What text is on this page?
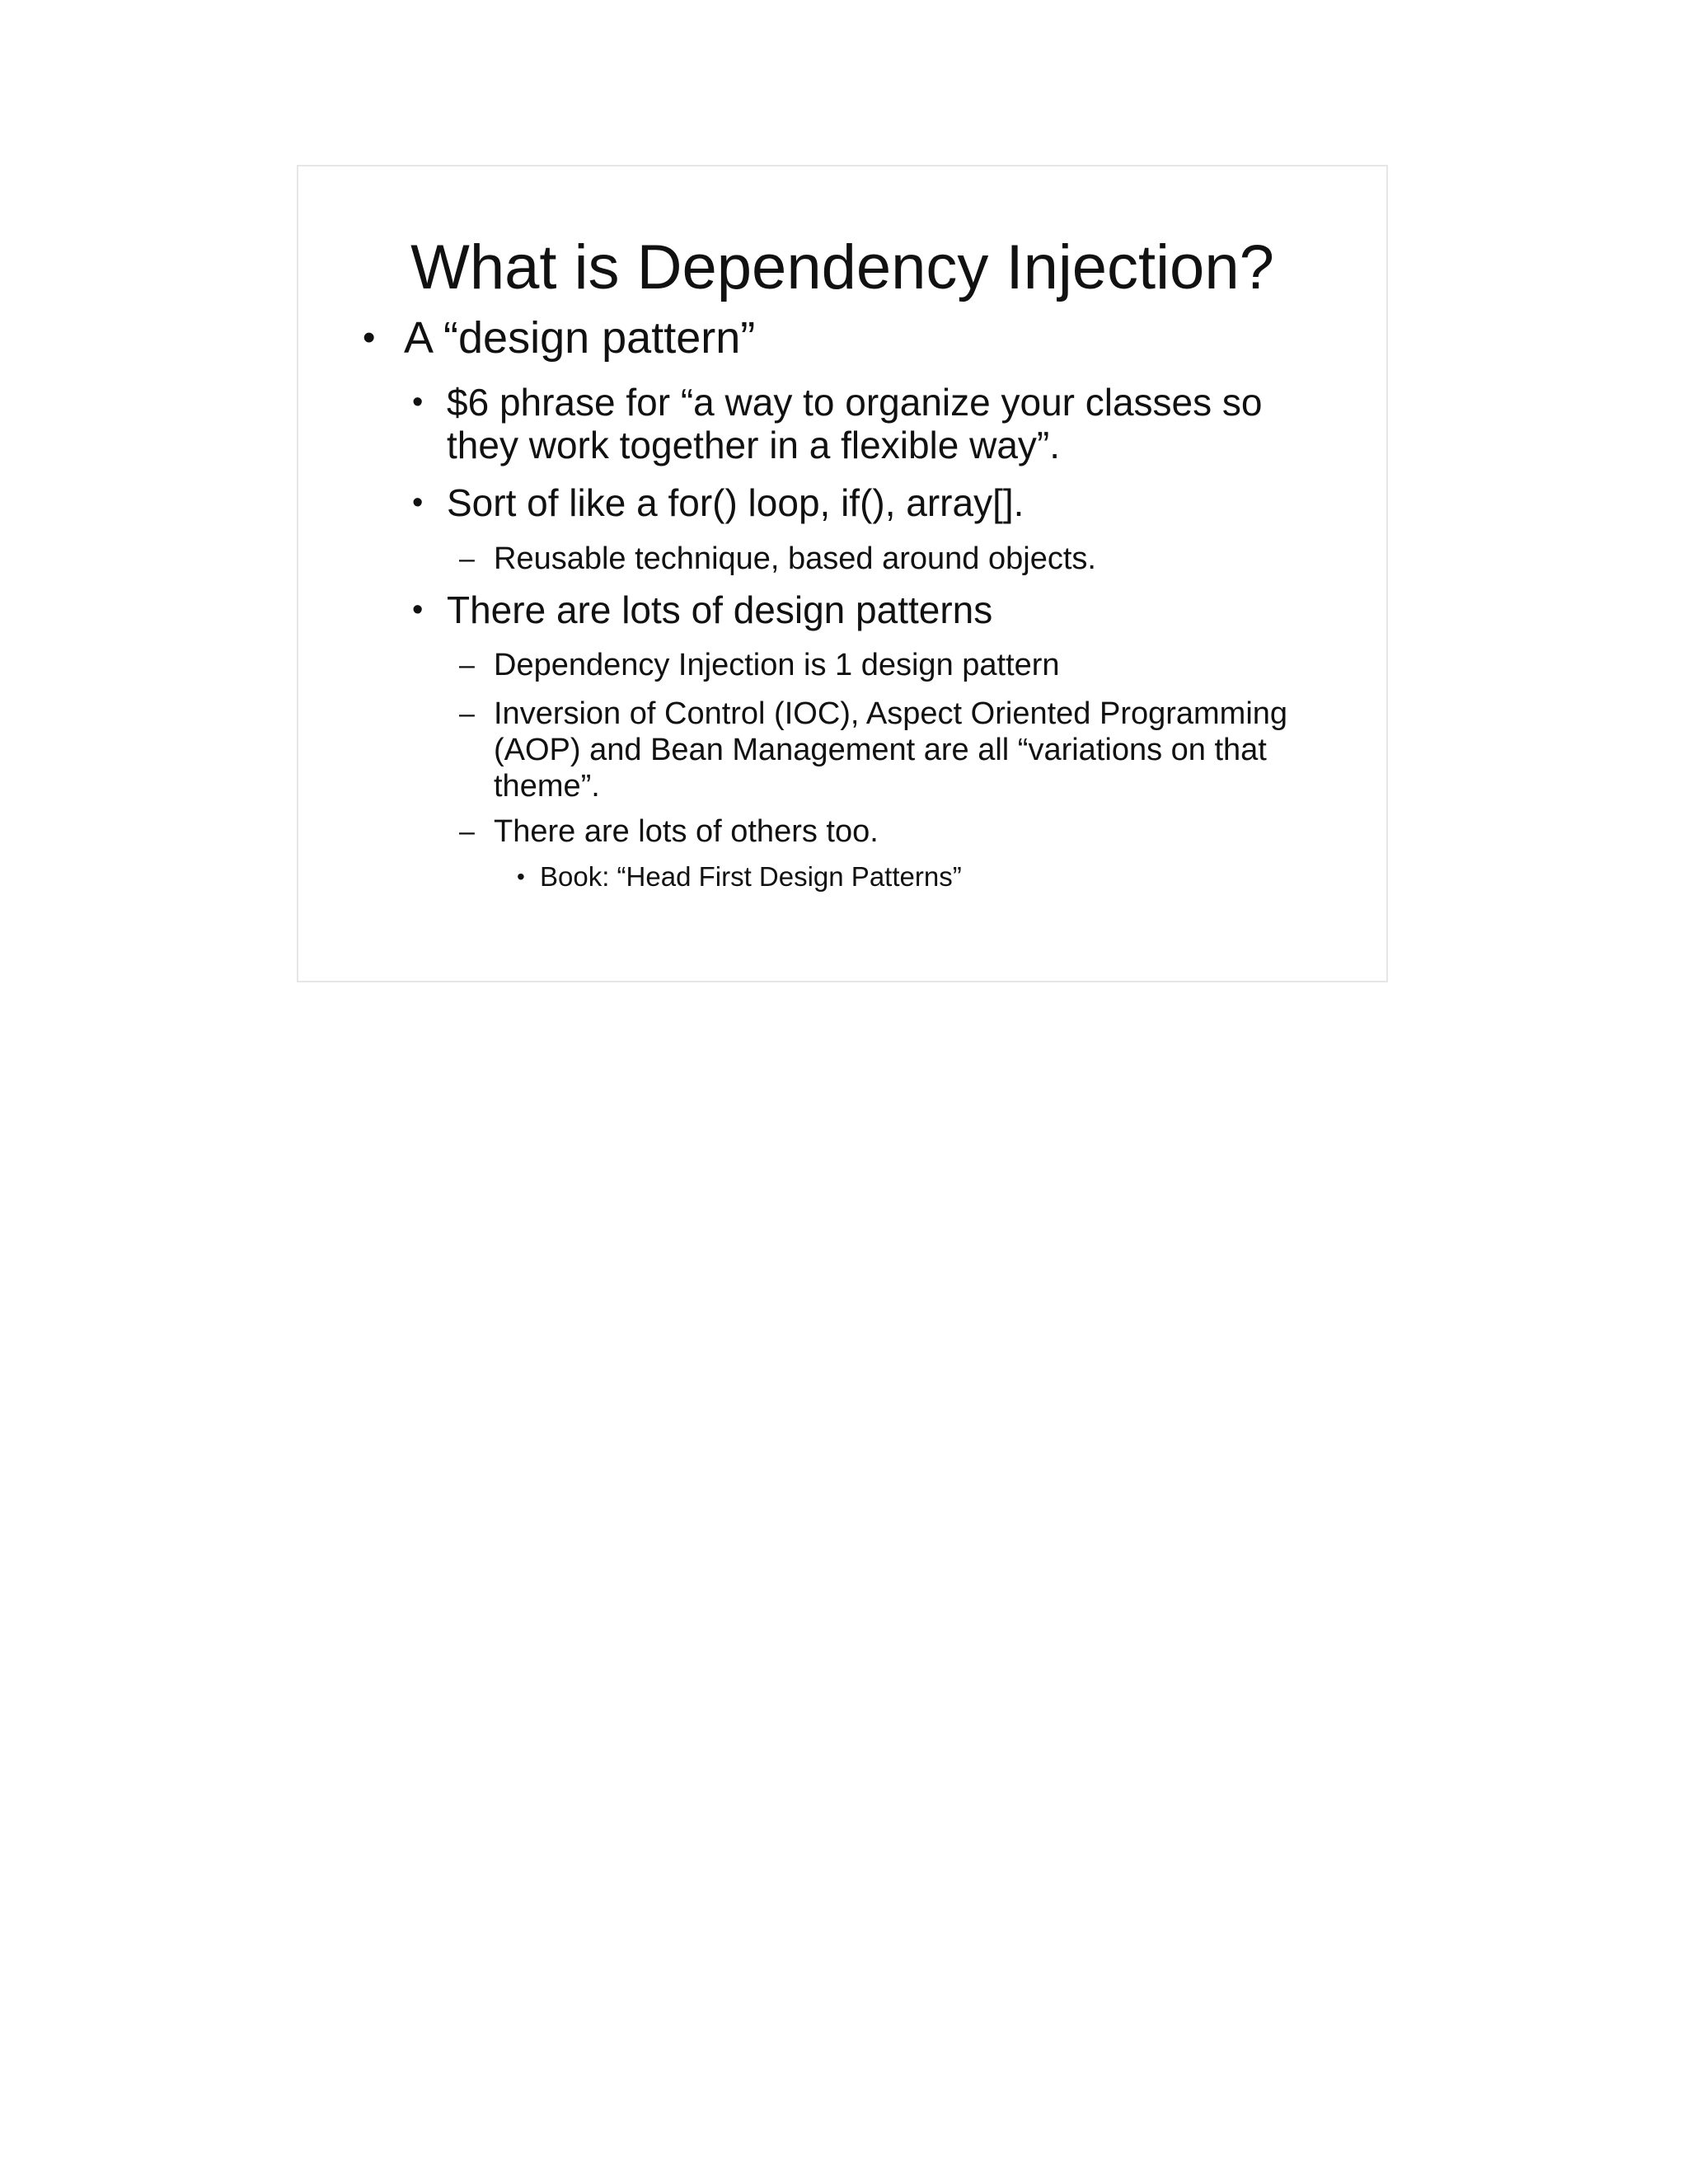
What is Dependency Injection?
• A “design pattern”
• $6 phrase for “a way to organize your classes so
they work together in a flexible way”.
• Sort of like a for() loop, if(), array[].
– Reusable technique, based around objects.
• There are lots of design patterns
– Dependency Injection is 1 design pattern
– Inversion of Control (IOC), Aspect Oriented Programming
(AOP) and Bean Management are all “variations on that
theme”.
– There are lots of others too.
• Book: “Head First Design Patterns”
